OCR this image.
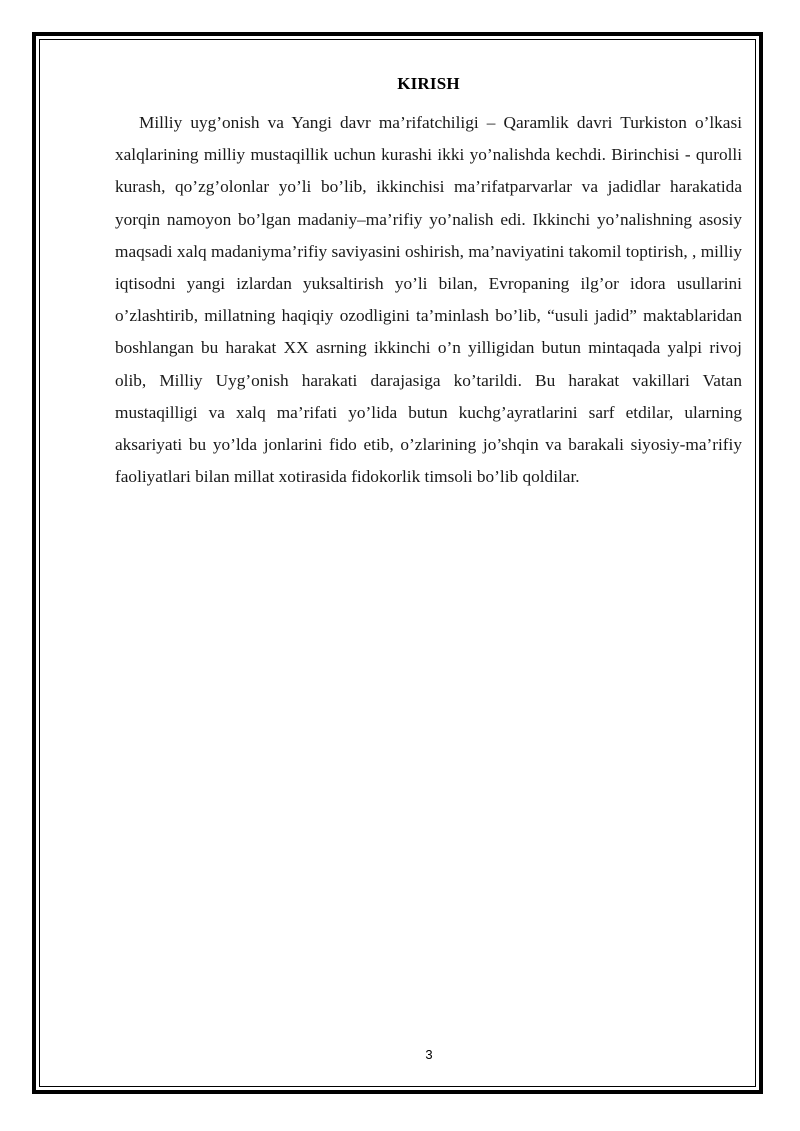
KIRISH

Milliy uyg’onish va Yangi davr ma’rifatchiligi – Qaramlik davri Turkiston o’lkasi xalqlarining milliy mustaqillik uchun kurashi ikki yo’nalishda kechdi. Birinchisi - qurolli kurash, qo’zg’olonlar yo’li bo’lib, ikkinchisi ma’rifatparvarlar va jadidlar harakatida yorqin namoyon bo’lgan madaniy–ma’rifiy yo’nalish edi. Ikkinchi yo’nalishning asosiy maqsadi xalq madaniyma’rifiy saviyasini oshirish, ma’naviyatini takomil toptirish, , milliy iqtisodni yangi izlardan yuksaltirish yo’li bilan, Evropaning ilg’or idora usullarini o’zlashtirib, millatning haqiqiy ozodligini ta’minlash bo’lib, “usuli jadid” maktablaridan boshlangan bu harakat XX asrning ikkinchi o’n yilligidan butun mintaqada yalpi rivoj olib, Milliy Uyg’onish harakati darajasiga ko’tarildi. Bu harakat vakillari Vatan mustaqilligi va xalq ma’rifati yo’lida butun kuchg’ayratlarini sarf etdilar, ularning aksariyati bu yo’lda jonlarini fido etib, o’zlarining jo’shqin va barakali siyosiy-ma’rifiy faoliyatlari bilan millat xotirasida fidokorlik timsoli bo’lib qoldilar.

3
